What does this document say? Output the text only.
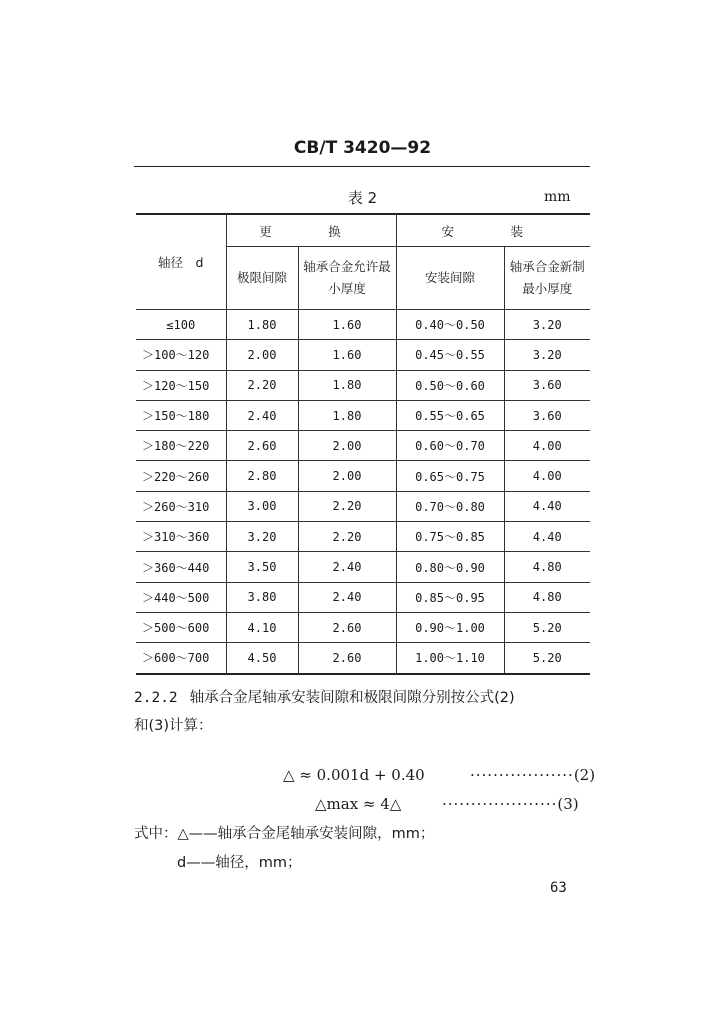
CB/T 3420—92
表 2	mm
轴径　d	更　换		安　装	
	极限间隙	轴承合金允许最小厚度	安装间隙	轴承合金新制最小厚度
≤100	1.80	1.60	0.40～0.50	3.20
＞100～120	2.00	1.60	0.45～0.55	3.20
＞120～150	2.20	1.80	0.50～0.60	3.60
＞150～180	2.40	1.80	0.55～0.65	3.60
＞180～220	2.60	2.00	0.60～0.70	4.00
＞220～260	2.80	2.00	0.65～0.75	4.00
＞260～310	3.00	2.20	0.70～0.80	4.40
＞310～360	3.20	2.20	0.75～0.85	4.40
＞360～440	3.50	2.40	0.80～0.90	4.80
＞440～500	3.80	2.40	0.85～0.95	4.80
＞500～600	4.10	2.60	0.90～1.00	5.20
＞600～700	4.50	2.60	1.00～1.10	5.20
2.2.2 轴承合金尾轴承安装间隙和极限间隙分别按公式(2)
和(3)计算：
△ ≈ 0.001d + 0.40	··················(2)
△max ≈ 4△	····················(3)
式中：△——轴承合金尾轴承安装间隙，mm；
d——轴径，mm；
63
